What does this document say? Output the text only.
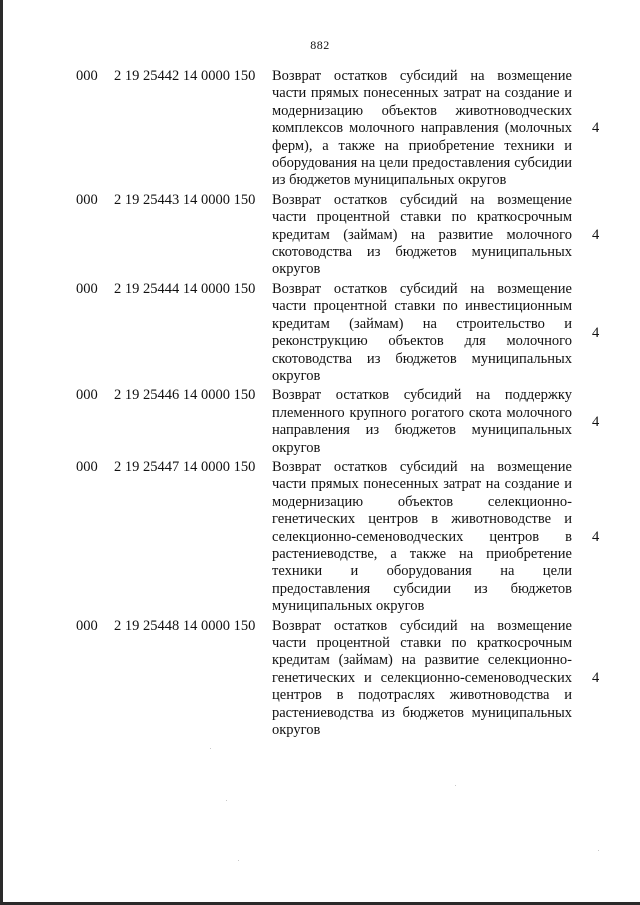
882
000 2 19 25442 14 0000 150 Возврат остатков субсидий на возмещение части прямых понесенных затрат на создание и модернизацию объектов животноводческих комплексов молочного направления (молочных ферм), а также на приобретение техники и оборудования на цели предоставления субсидии из бюджетов муниципальных округов
4
000 2 19 25443 14 0000 150 Возврат остатков субсидий на возмещение части процентной ставки по краткосрочным кредитам (займам) на развитие молочного скотоводства из бюджетов муниципальных округов
4
000 2 19 25444 14 0000 150 Возврат остатков субсидий на возмещение части процентной ставки по инвестиционным кредитам (займам) на строительство и реконструкцию объектов для молочного скотоводства из бюджетов муниципальных округов
4
000 2 19 25446 14 0000 150 Возврат остатков субсидий на поддержку племенного крупного рогатого скота молочного направления из бюджетов муниципальных округов
4
000 2 19 25447 14 0000 150 Возврат остатков субсидий на возмещение части прямых понесенных затрат на создание и модернизацию объектов селекционно-генетических центров в животноводстве и селекционно-семеноводческих центров в растениеводстве, а также на приобретение техники и оборудования на цели предоставления субсидии из бюджетов муниципальных округов
4
000 2 19 25448 14 0000 150 Возврат остатков субсидий на возмещение части процентной ставки по краткосрочным кредитам (займам) на развитие селекционно-генетических и селекционно-семеноводческих центров в подотраслях животноводства и растениеводства из бюджетов муниципальных округов
4
